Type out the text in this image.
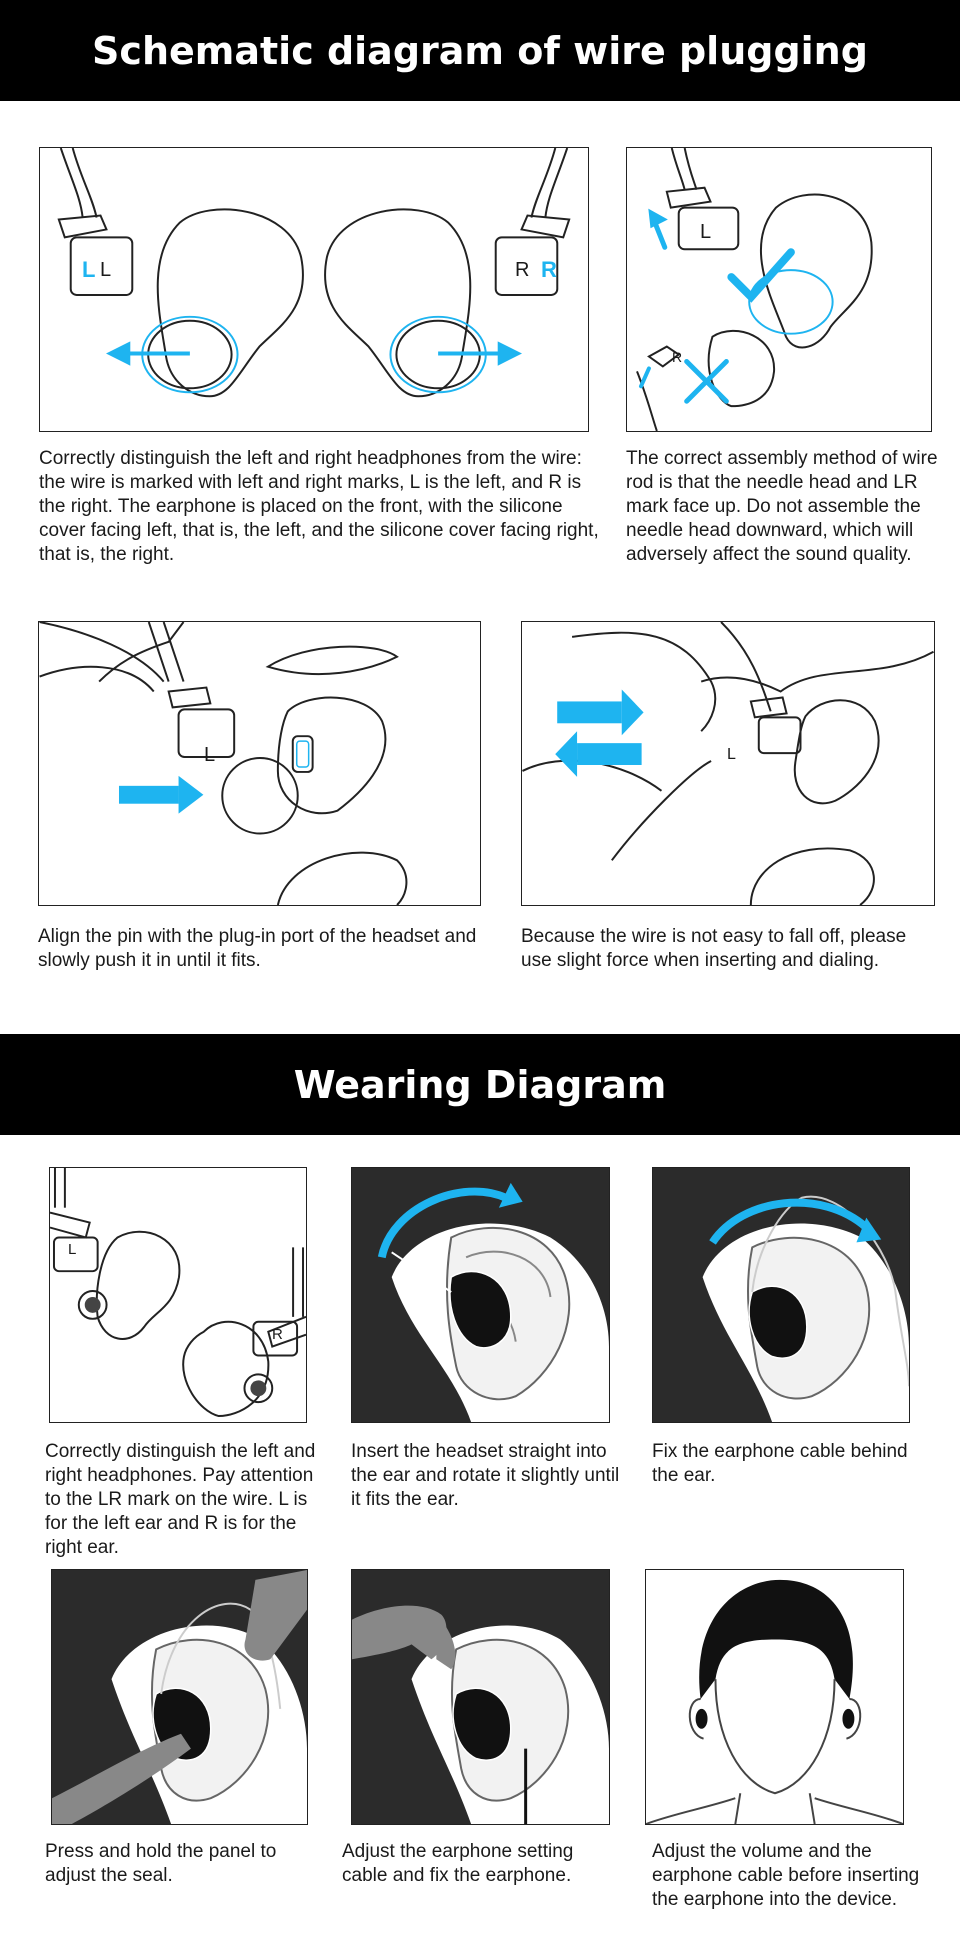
Schematic diagram of wire plugging
L	R
L	R
Correctly distinguish the left and right headphones from the wire: the wire is marked with left and right marks, L is the left, and R is the right. The earphone is placed on the front, with the silicone cover facing left, that is, the left, and the silicone cover facing right, that is, the right.
L
R
The correct assembly method of wire rod is that the needle head and LR mark face up. Do not assemble the needle head downward, which will adversely affect the sound quality.
L
Align the pin with the plug-in port of the headset and slowly push it in until it fits.
L
Because the wire is not easy to fall off, please use slight force when inserting and dialing.
Wearing Diagram
L
R
Correctly distinguish the left and right headphones. Pay attention to the LR mark on the wire. L is for the left ear and R is for the right ear.
Insert the headset straight into the ear and rotate it slightly until it fits the ear.
Fix the earphone cable behind the ear.
Press and hold the panel to adjust the seal.
Adjust the earphone setting cable and fix the earphone.
Adjust the volume and the earphone cable before inserting the earphone into the device.
